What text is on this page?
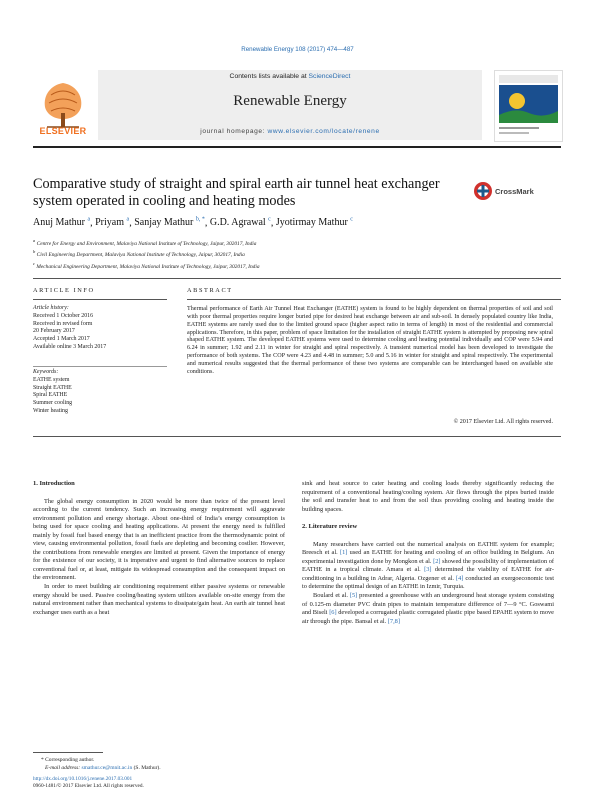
Renewable Energy 108 (2017) 474—487
ELSEVIER
Contents lists available at ScienceDirect
Renewable Energy
journal homepage: www.elsevier.com/locate/renene
Comparative study of straight and spiral earth air tunnel heat exchanger system operated in cooling and heating modes
CrossMark
Anuj Mathur $^a$, Priyam $^a$, Sanjay Mathur $^{b, *}$, G.D. Agrawal $^c$, Jyotirmay Mathur $^c$
$^a$ Centre for Energy and Environment, Malaviya National Institute of Technology, Jaipur, 302017, India
$^b$ Civil Engineering Department, Malaviya National Institute of Technology, Jaipur, 302017, India
$^c$ Mechanical Engineering Department, Malaviya National Institute of Technology, Jaipur, 302017, India
ARTICLE INFO
Article history:
Received 1 October 2016
Received in revised form
20 February 2017
Accepted 1 March 2017
Available online 3 March 2017
Keywords:
EATHE system
Straight EATHE
Spiral EATHE
Summer cooling
Winter heating
ABSTRACT
Thermal performance of Earth Air Tunnel Heat Exchanger (EATHE) system is found to be highly dependent on thermal properties of soil and soil with poor thermal properties require longer buried pipe for desired heat exchange between air and sub-soil. In densely populated country like India, EATHE systems are rarely used due to the limited ground space (higher aspect ratio in terms of length) in most of the residential and commercial applications. Therefore, in this paper, problem of space limitation for the installation of straight EATHE system is attempted by proposing new spiral shaped EATHE system. The developed EATHE systems were used to determine cooling and heating potential individually and COP were 5.94 and 6.24 in summer; 1.92 and 2.11 in winter for straight and spiral respectively. A transient numerical model has been developed to investigate the performance of both systems. The COP were 4.23 and 4.48 in summer; 5.0 and 5.16 in winter for straight and spiral respectively. The experimental and numerical results suggested that the thermal performance of these two systems are comparable can be interchanged based on available site conditions.
© 2017 Elsevier Ltd. All rights reserved.
1. Introduction

The global energy consumption in 2020 would be more than twice of the present level according to the current tendency. Such an increasing energy requirement will aggravate environment pollution and energy shortage. About one-third of India’s energy consumption is being used for space cooling and heating applications. At present the energy need is fulfilled mainly by fossil fuel based energy that is an inefficient practice from the thermodynamic point of view, causing environmental pollution, fossil fuels are depleting and becoming costlier. However, the contributions from renewable energies are limited at present. Given the importance of energy for the existence of our society, it is imperative and urgent to find alternative sources to replace conventional fuel or, at least, mitigate its widespread consumption and the consequent impact on the environment.

In order to meet building air conditioning requirement either passive systems or renewable energy should be used. Passive cooling/heating system utilizes available on-site energy from the natural environment rather than mechanical systems to dissipate/gain heat. An earth air tunnel heat exchanger uses earth as a heat

sink and heat source to cater heating and cooling loads thereby significantly reducing the requirement of a conventional heating/cooling system. Air flows through the pipes buried inside the soil and transfer heat to and from the soil thus providing cooling and heating inside the building spaces.

2. Literature review

Many researchers have carried out the numerical analysis on EATHE system for example; Breesch et al. [1] used an EATHE for heating and cooling of an office building in Belgium. An experimental investigation done by Mongkon et al. [2] showed the possibility of implementation of EATHE in a tropical climate. Amara et al. [3] determined the viability of EATHE for air-conditioning in a building in Adrar, Algeria. Ozgener et al. [4] conducted an exergoeconomic test to determine the optimal design of an EATHE in Izmir, Turquia.

Boulard et al. [5] presented a greenhouse with an underground heat storage system consisting of 0.125-m diameter PVC drain pipes to maintain temperature difference of 7—9 °C. Goswami and Biseli [6] developed a corrugated plastic corrugated plastic pipe based EPAHE system to move air through the pipe. Bansal et al. [7,8]

* Corresponding author.
E-mail address: smathur.ce@mnit.ac.in (S. Mathur).
http://dx.doi.org/10.1016/j.renene.2017.03.001
0960-1481/© 2017 Elsevier Ltd. All rights reserved.
